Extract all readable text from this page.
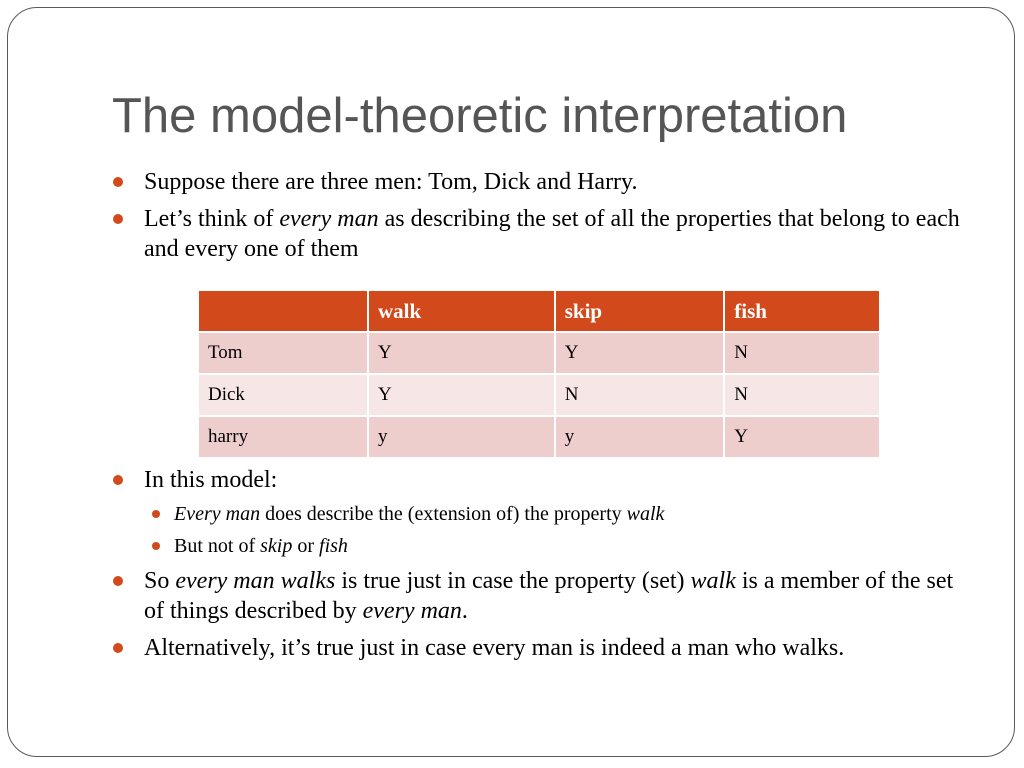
The model-theoretic interpretation
Suppose there are three men: Tom, Dick and Harry.
Let’s think of every man as describing the set of all the properties that belong to each and every one of them
	walk	skip	fish
Tom	Y	Y	N
Dick	Y	N	N
harry	y	y	Y
In this model:
Every man does describe the (extension of) the property walk
But not of skip or fish
So every man walks is true just in case the property (set) walk is a member of the set of things described by every man.
Alternatively, it’s true just in case every man is indeed a man who walks.
